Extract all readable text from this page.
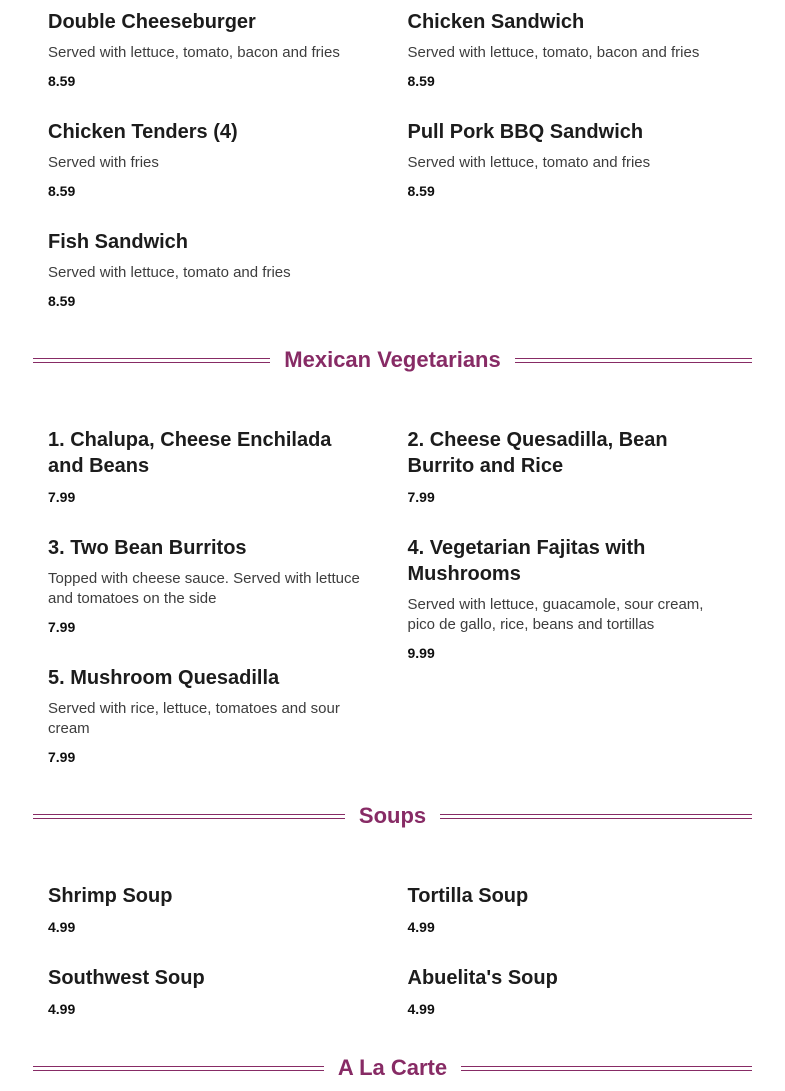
Double Cheeseburger

Served with lettuce, tomato, bacon and fries

8.59
Chicken Tenders (4)

Served with fries

8.59
Fish Sandwich

Served with lettuce, tomato and fries

8.59
Chicken Sandwich

Served with lettuce, tomato, bacon and fries

8.59
Pull Pork BBQ Sandwich

Served with lettuce, tomato and fries

8.59
Mexican Vegetarians
1. Chalupa, Cheese Enchilada and Beans
7.99
3. Two Bean Burritos

Topped with cheese sauce. Served with lettuce and tomatoes on the side

7.99
5. Mushroom Quesadilla

Served with rice, lettuce, tomatoes and sour cream

7.99
2. Cheese Quesadilla, Bean Burrito and Rice
7.99
4. Vegetarian Fajitas with Mushrooms

Served with lettuce, guacamole, sour cream, pico de gallo, rice, beans and tortillas

9.99
Soups
Shrimp Soup
4.99
Southwest Soup
4.99
Tortilla Soup
4.99
Abuelita's Soup
4.99
A La Carte
